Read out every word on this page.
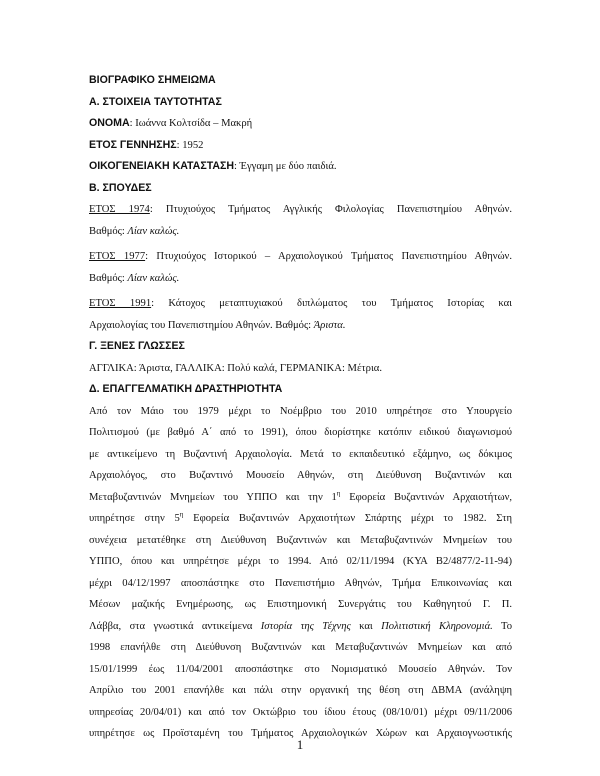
ΒΙΟΓΡΑΦΙΚΟ ΣΗΜΕΙΩΜΑ
Α. ΣΤΟΙΧΕΙΑ ΤΑΥΤΟΤΗΤΑΣ
ΟΝΟΜΑ: Ιωάννα Κολτσίδα – Μακρή
ΕΤΟΣ ΓΕΝΝΗΣΗΣ: 1952
ΟΙΚΟΓΕΝΕΙΑΚΗ ΚΑΤΑΣΤΑΣΗ: Έγγαμη με δύο παιδιά.
Β. ΣΠΟΥΔΕΣ
ΕΤΟΣ 1974: Πτυχιούχος Τμήματος Αγγλικής Φιλολογίας Πανεπιστημίου Αθηνών.
Βαθμός: Λίαν καλώς.
ΕΤΟΣ 1977: Πτυχιούχος Ιστορικού – Αρχαιολογικού Τμήματος Πανεπιστημίου Αθηνών.
Βαθμός: Λίαν καλώς.
ΕΤΟΣ 1991: Κάτοχος μεταπτυχιακού διπλώματος του Τμήματος Ιστορίας και
Αρχαιολογίας του Πανεπιστημίου Αθηνών. Βαθμός: Άριστα.
Γ. ΞΕΝΕΣ ΓΛΩΣΣΕΣ
ΑΓΓΛΙΚΑ: Άριστα, ΓΑΛΛΙΚΑ: Πολύ καλά, ΓΕΡΜΑΝΙΚΑ: Μέτρια.
Δ. ΕΠΑΓΓΕΛΜΑΤΙΚΗ ΔΡΑΣΤΗΡΙΟΤΗΤΑ
Από τον Μάιο του 1979 μέχρι το Νοέμβριο του 2010 υπηρέτησε στο Υπουργείο
Πολιτισμού (με βαθμό Α΄ από το 1991), όπου διορίστηκε κατόπιν ειδικού διαγωνισμού
με αντικείμενο τη Βυζαντινή Αρχαιολογία. Μετά το εκπαιδευτικό εξάμηνο, ως δόκιμος
Αρχαιολόγος, στο Βυζαντινό Μουσείο Αθηνών, στη Διεύθυνση Βυζαντινών και
Μεταβυζαντινών Μνημείων του ΥΠΠΟ και την $1^\eta$ Εφορεία Βυζαντινών Αρχαιοτήτων,
υπηρέτησε στην $5^\eta$ Εφορεία Βυζαντινών Αρχαιοτήτων Σπάρτης μέχρι το 1982. Στη
συνέχεια μετατέθηκε στη Διεύθυνση Βυζαντινών και Μεταβυζαντινών Μνημείων του
ΥΠΠΟ, όπου και υπηρέτησε μέχρι το 1994. Από 02/11/1994 (ΚΥΑ Β2/4877/2-11-94)
μέχρι 04/12/1997 αποσπάστηκε στο Πανεπιστήμιο Αθηνών, Τμήμα Επικοινωνίας και
Μέσων μαζικής Ενημέρωσης, ως Επιστημονική Συνεργάτις του Καθηγητού Γ. Π.
Λάββα, στα γνωστικά αντικείμενα Ιστορία της Τέχνης και Πολιτιστική Κληρονομιά. Το
1998 επανήλθε στη Διεύθυνση Βυζαντινών και Μεταβυζαντινών Μνημείων και από
15/01/1999 έως 11/04/2001 αποσπάστηκε στο Νομισματικό Μουσείο Αθηνών. Τον
Απρίλιο του 2001 επανήλθε και πάλι στην οργανική της θέση στη ΔΒΜΑ (ανάληψη
υπηρεσίας 20/04/01) και από τον Οκτώβριο του ίδιου έτους (08/10/01) μέχρι 09/11/2006
υπηρέτησε ως Προϊσταμένη του Τμήματος Αρχαιολογικών Χώρων και Αρχαιογνωστικής
1
